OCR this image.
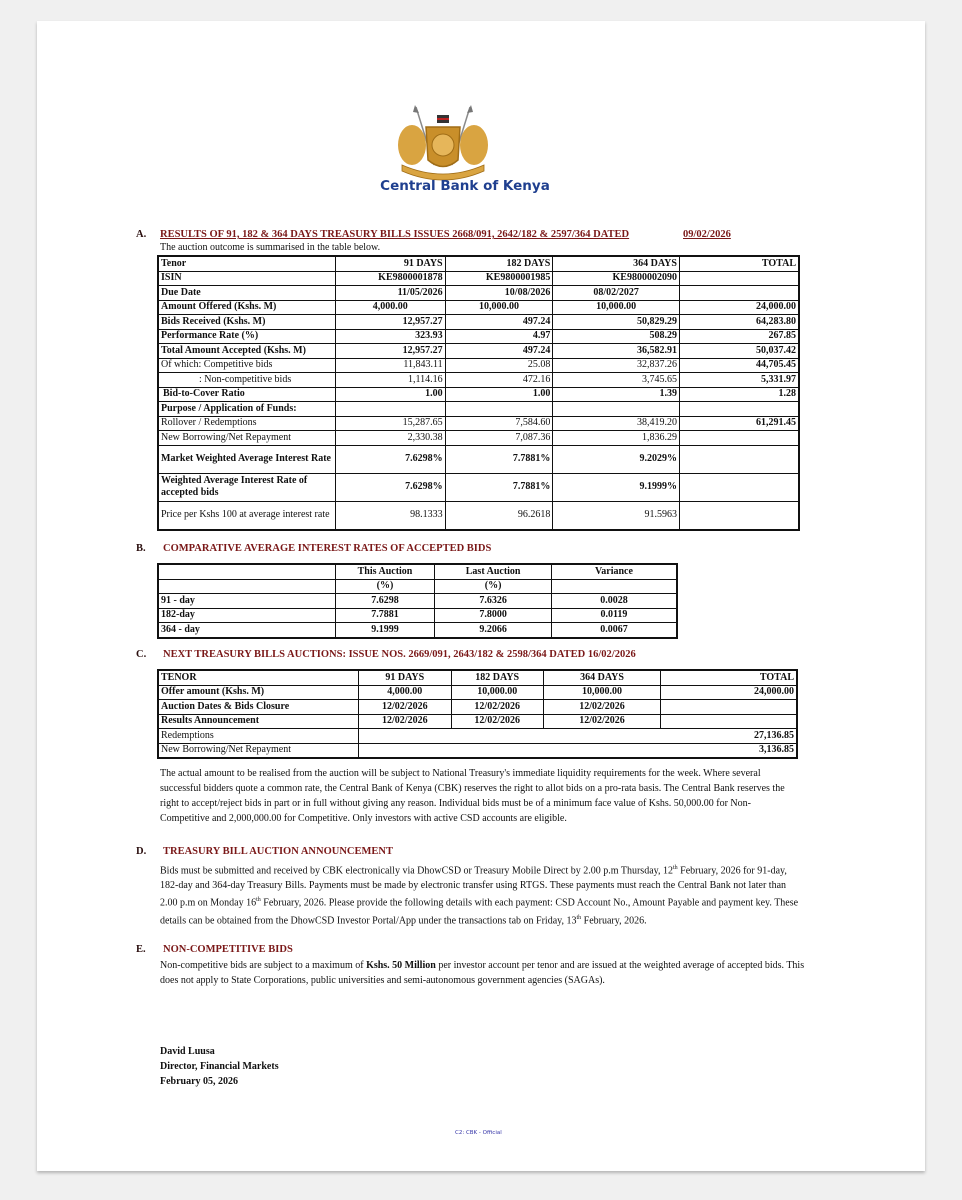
Central Bank of Kenya
A. RESULTS OF 91, 182 & 364 DAYS TREASURY BILLS ISSUES 2668/091, 2642/182 & 2597/364 DATED	09/02/2026
The auction outcome is summarised in the table below.
Tenor	91 DAYS	182 DAYS	364 DAYS	TOTAL
ISIN	KE9800001878	KE9800001985	KE9800002090	
Due Date	11/05/2026	10/08/2026	08/02/2027	
Amount Offered (Kshs. M)	4,000.00	10,000.00	10,000.00	24,000.00
Bids Received (Kshs. M)	12,957.27	497.24	50,829.29	64,283.80
Performance Rate (%)	323.93	4.97	508.29	267.85
Total Amount Accepted (Kshs. M)	12,957.27	497.24	36,582.91	50,037.42
Of which: Competitive bids	11,843.11	25.08	32,837.26	44,705.45
: Non-competitive bids	1,114.16	472.16	3,745.65	5,331.97
Bid-to-Cover Ratio	1.00	1.00	1.39	1.28
Purpose / Application of Funds:				
Rollover / Redemptions	15,287.65	7,584.60	38,419.20	61,291.45
New Borrowing/Net Repayment	2,330.38	7,087.36	1,836.29	
Market Weighted Average Interest Rate	7.6298%	7.7881%	9.2029%	
Weighted Average Interest Rate of accepted bids	7.6298%	7.7881%	9.1999%	
Price per Kshs 100 at average interest rate	98.1333	96.2618	91.5963	
B. COMPARATIVE AVERAGE INTEREST RATES OF ACCEPTED BIDS
	This Auction	Last Auction	Variance
	(%)	(%)	
91 - day	7.6298	7.6326	0.0028
182-day	7.7881	7.8000	0.0119
364 - day	9.1999	9.2066	0.0067
C. NEXT TREASURY BILLS AUCTIONS: ISSUE NOS. 2669/091, 2643/182 & 2598/364 DATED 16/02/2026
TENOR	91 DAYS	182 DAYS	364 DAYS	TOTAL
Offer amount (Kshs. M)	4,000.00	10,000.00	10,000.00	24,000.00
Auction Dates & Bids Closure	12/02/2026	12/02/2026	12/02/2026	
Results Announcement	12/02/2026	12/02/2026	12/02/2026	
Redemptions	27,136.85			
New Borrowing/Net Repayment	3,136.85			
The actual amount to be realised from the auction will be subject to National Treasury's immediate liquidity requirements for the week. Where several successful bidders quote a common rate, the Central Bank of Kenya (CBK) reserves the right to allot bids on a pro-rata basis. The Central Bank reserves the right to accept/reject bids in part or in full without giving any reason. Individual bids must be of a minimum face value of Kshs. 50,000.00 for Non-Competitive and 2,000,000.00 for Competitive. Only investors with active CSD accounts are eligible.
D. TREASURY BILL AUCTION ANNOUNCEMENT
Bids must be submitted and received by CBK electronically via DhowCSD or Treasury Mobile Direct by 2.00 p.m Thursday, 12th February, 2026 for 91-day, 182-day and 364-day Treasury Bills. Payments must be made by electronic transfer using RTGS. These payments must reach the Central Bank not later than 2.00 p.m on Monday 16th February, 2026. Please provide the following details with each payment: CSD Account No., Amount Payable and payment key. These details can be obtained from the DhowCSD Investor Portal/App under the transactions tab on Friday, 13th February, 2026.
E. NON-COMPETITIVE BIDS
Non-competitive bids are subject to a maximum of Kshs. 50 Million per investor account per tenor and are issued at the weighted average of accepted bids. This does not apply to State Corporations, public universities and semi-autonomous government agencies (SAGAs).
David Luusa
Director, Financial Markets
February 05, 2026
C2: CBK - Official
